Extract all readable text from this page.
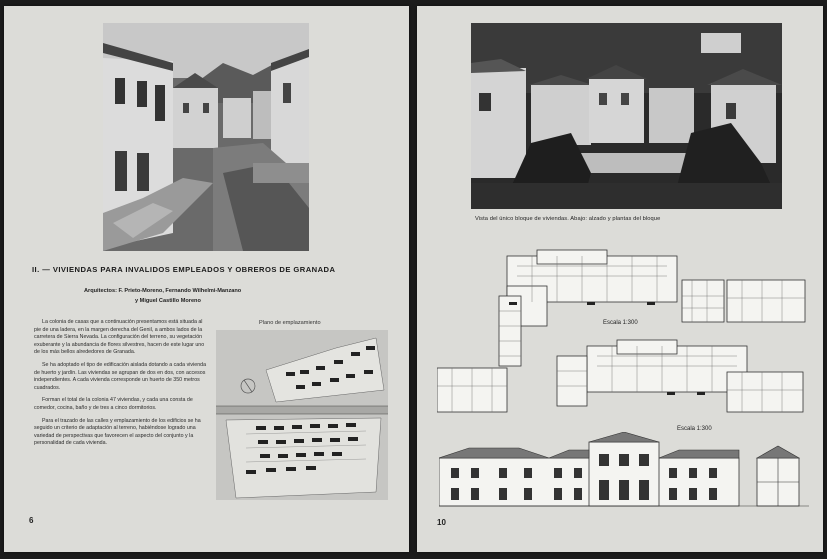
II. — VIVIENDAS PARA INVALIDOS EMPLEADOS Y OBREROS DE GRANADA
Arquitectos: F. Prieto-Moreno, Fernando Wilhelmi-Manzano
y Miguel Castillo Moreno

La colonia de casas que a continuación presentamos está situada al pie de una ladera, en la margen derecha del Genil, a ambos lados de la carretera de Sierra Nevada. La configuración del terreno, su vegetación exuberante y la abundancia de flores silvestres, hacen de este lugar uno de los más bellos alrededores de Granada.

Se ha adoptado el tipo de edificación aislada dotando a cada vivienda de huerto y jardín. Las viviendas se agrupan de dos en dos, con accesos independientes. A cada vivienda corresponde un huerto de 350 metros cuadrados.

Forman el total de la colonia 47 viviendas, y cada una consta de comedor, cocina, baño y de tres a cinco dormitorios.

Para el trazado de las calles y emplazamiento de los edificios se ha seguido un criterio de adaptación al terreno, habiéndose logrado una variedad de perspectivas que favorecen el aspecto del conjunto y la personalidad de cada vivienda.

Plano de emplazamiento
6
Vista del único bloque de viviendas. Abajo: alzado y plantas del bloque
Escala 1:300
Escala 1:300
10
